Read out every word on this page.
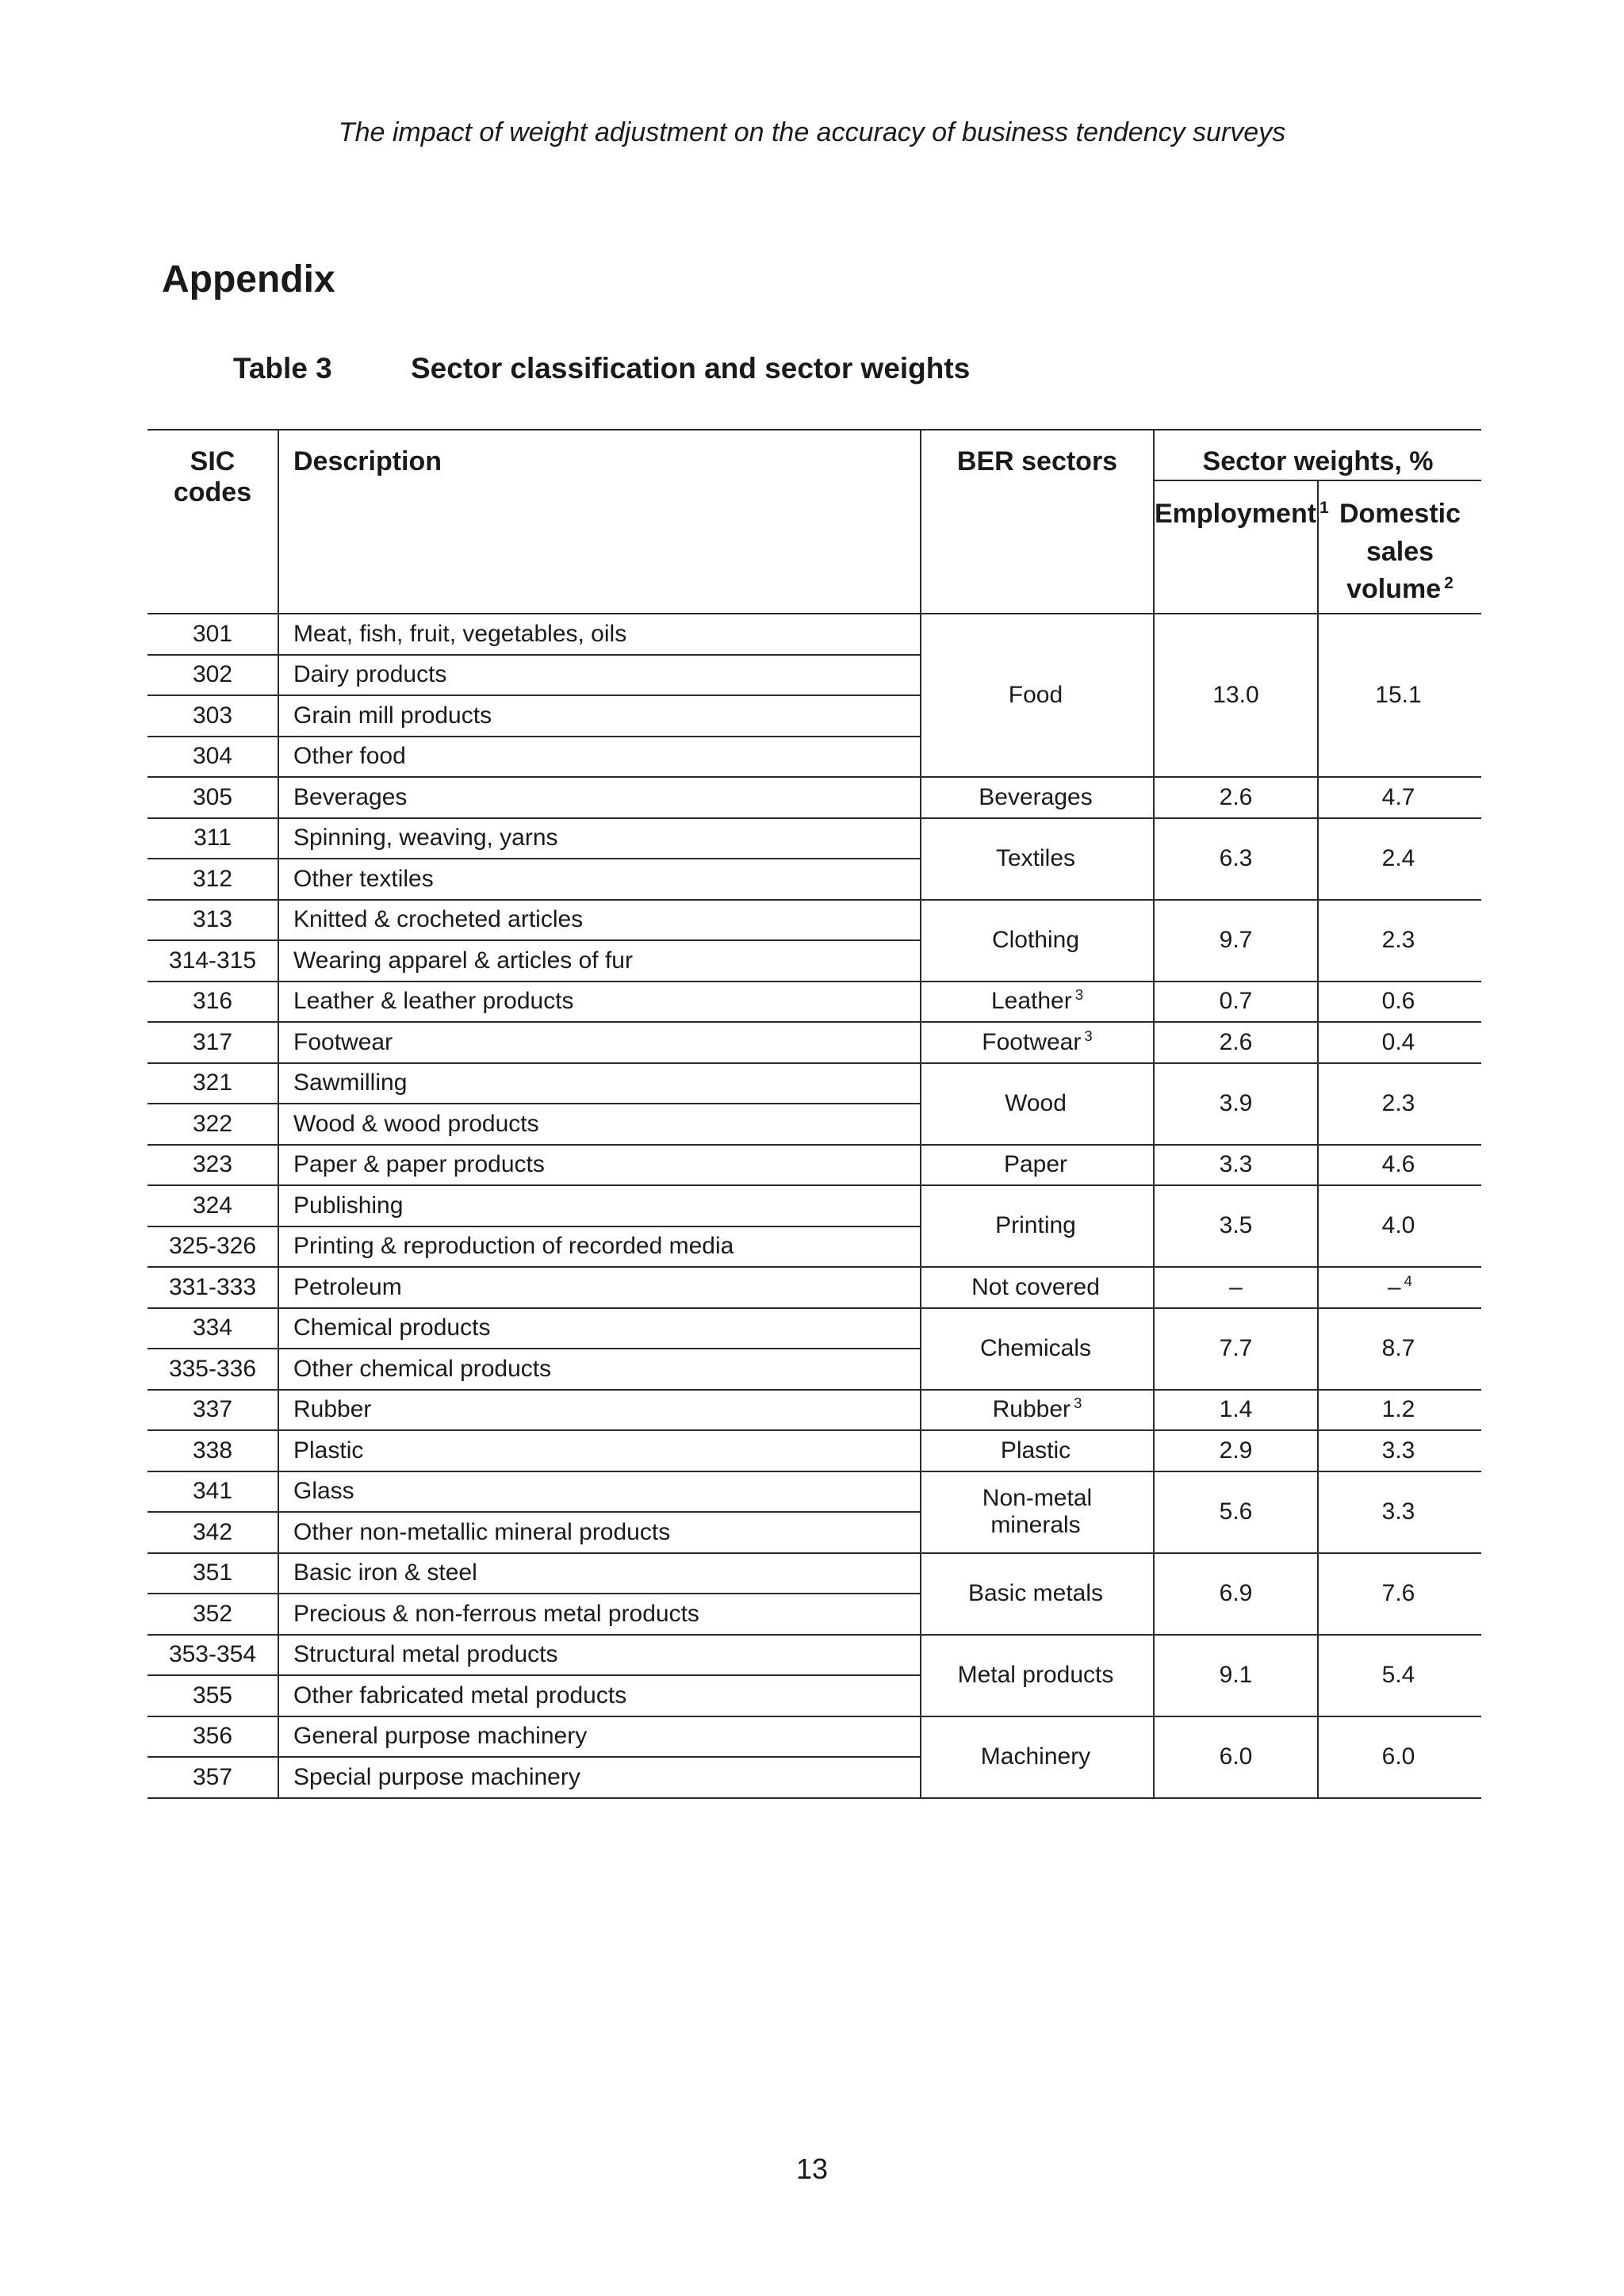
The impact of weight adjustment on the accuracy of business tendency surveys
Appendix
Table 3	Sector classification and sector weights
SIC codes	Description	BER sectors	Sector weights, %	
			Employment $^1$	Domestic sales volume $^2$
301	Meat, fish, fruit, vegetables, oils	Food	13.0	15.1
302	Dairy products			
303	Grain mill products			
304	Other food			
305	Beverages	Beverages	2.6	4.7
311	Spinning, weaving, yarns	Textiles	6.3	2.4
312	Other textiles			
313	Knitted & crocheted articles	Clothing	9.7	2.3
314-315	Wearing apparel & articles of fur			
316	Leather & leather products	Leather $^3$	0.7	0.6
317	Footwear	Footwear $^3$	2.6	0.4
321	Sawmilling	Wood	3.9	2.3
322	Wood & wood products			
323	Paper & paper products	Paper	3.3	4.6
324	Publishing	Printing	3.5	4.0
325-326	Printing & reproduction of recorded media			
331-333	Petroleum	Not covered	–	– $^4$
334	Chemical products	Chemicals	7.7	8.7
335-336	Other chemical products			
337	Rubber	Rubber $^3$	1.4	1.2
338	Plastic	Plastic	2.9	3.3
341	Glass	Non-metal minerals	5.6	3.3
342	Other non-metallic mineral products			
351	Basic iron & steel	Basic metals	6.9	7.6
352	Precious & non-ferrous metal products			
353-354	Structural metal products	Metal products	9.1	5.4
355	Other fabricated metal products			
356	General purpose machinery	Machinery	6.0	6.0
357	Special purpose machinery			
13
